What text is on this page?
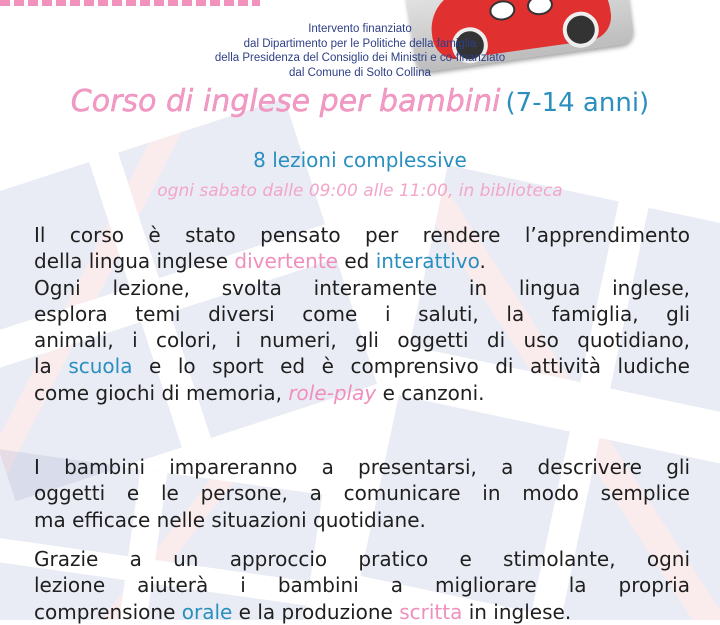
Intervento finanziato
dal Dipartimento per le Politiche della famiglia
della Presidenza del Consiglio dei Ministri e co-finanziato
dal Comune di Solto Collina
Corso di inglese per bambini (7-14 anni)
8 lezioni complessive
ogni sabato dalle 09:00 alle 11:00, in biblioteca
Il corso è stato pensato per rendere l’apprendimento
della lingua inglese divertente ed interattivo.
Ogni lezione, svolta interamente in lingua inglese,
esplora temi diversi come i saluti, la famiglia, gli
animali, i colori, i numeri, gli oggetti di uso quotidiano,
la scuola e lo sport ed è comprensivo di attività ludiche
come giochi di memoria, role-play e canzoni.
I bambini impareranno a presentarsi, a descrivere gli
oggetti e le persone, a comunicare in modo semplice
ma efficace nelle situazioni quotidiane.
Grazie a un approccio pratico e stimolante, ogni
lezione aiuterà i bambini a migliorare la propria
comprensione orale e la produzione scritta in inglese.
